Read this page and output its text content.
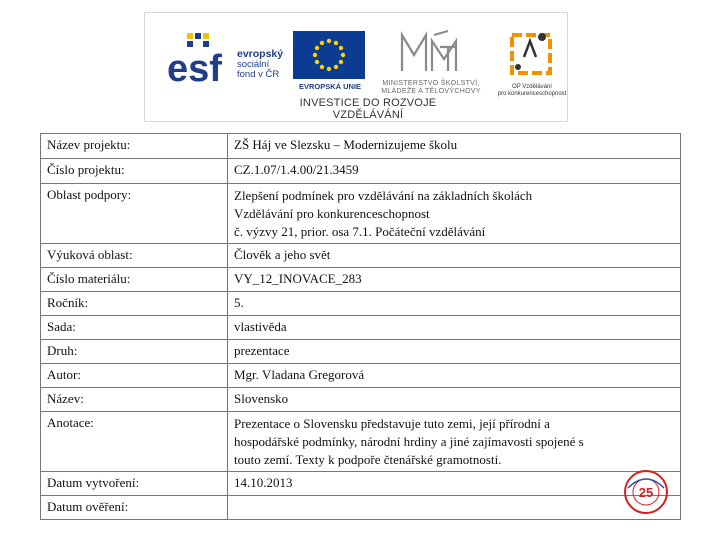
esf evropský
sociální
fond v ČR
EVROPSKÁ UNIE	MINISTERSTVO ŠKOLSTVÍ,
MLÁDEŽE A TĚLOVÝCHOVY
OP Vzdělávání
pro konkurenceschopnost
INVESTICE DO ROZVOJE VZDĚLÁVÁNÍ
Název projektu:	ZŠ Háj ve Slezsku – Modernizujeme školu
Číslo projektu:	CZ.1.07/1.4.00/21.3459
Oblast podpory:	Zlepšení podmínek pro vzdělávání na základních školách
Vzdělávání pro konkurenceschopnost
č. výzvy 21, prior. osa 7.1. Počáteční vzdělávání

Výuková oblast:	Člověk a jeho svět
Číslo materiálu:	VY_12_INOVACE_283
Ročník:	5.
Sada:	vlastivěda
Druh:	prezentace
Autor:	Mgr. Vladana Gregorová
Název:	Slovensko
Anotace:	Prezentace o Slovensku představuje tuto zemi, její přírodní a
hospodářské podmínky, národní hrdiny a jiné zajímavosti spojené s
touto zemí. Texty k podpoře čtenářské gramotnosti.

Datum vytvoření:	14.10.2013
Datum ověření:	
25
